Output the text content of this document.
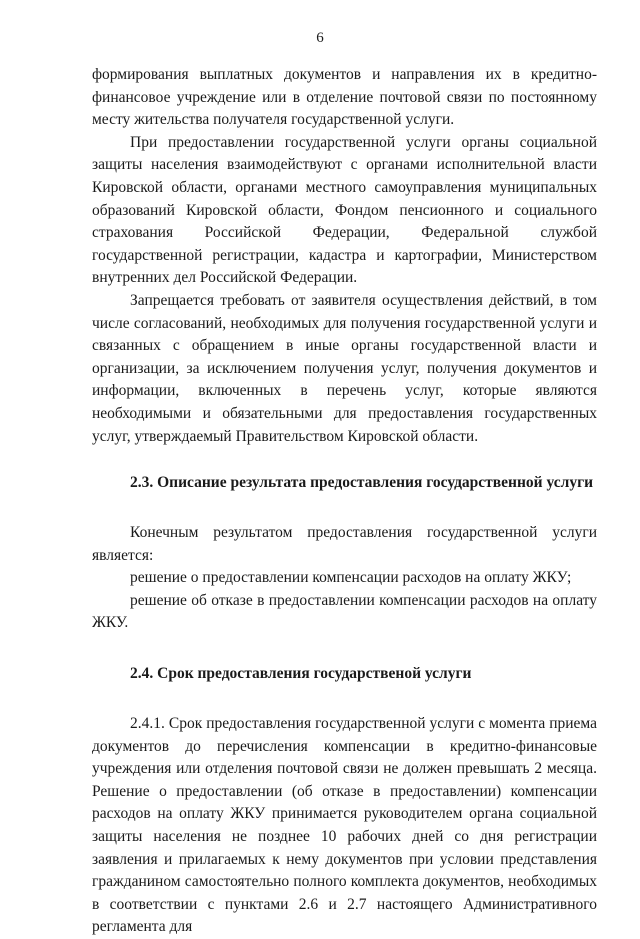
6

формирования выплатных документов и направления их в кредитно-финансовое учреждение или в отделение почтовой связи по постоянному месту жительства получателя государственной услуги.

При предоставлении государственной услуги органы социальной защиты населения взаимодействуют с органами исполнительной власти Кировской области, органами местного самоуправления муниципальных образований Кировской области, Фондом пенсионного и социального страхования Российской Федерации, Федеральной службой государственной регистрации, кадастра и картографии, Министерством внутренних дел Российской Федерации.

Запрещается требовать от заявителя осуществления действий, в том числе согласований, необходимых для получения государственной услуги и связанных с обращением в иные органы государственной власти и организации, за исключением получения услуг, получения документов и информации, включенных в перечень услуг, которые являются необходимыми и обязательными для предоставления государственных услуг, утверждаемый Правительством Кировской области.

2.3. Описание результата предоставления государственной услуги

Конечным результатом предоставления государственной услуги является:

решение о предоставлении компенсации расходов на оплату ЖКУ;

решение об отказе в предоставлении компенсации расходов на оплату ЖКУ.

2.4. Срок предоставления государственой услуги

2.4.1. Срок предоставления государственной услуги с момента приема документов до перечисления компенсации в кредитно-финансовые учреждения или отделения почтовой связи не должен превышать 2 месяца. Решение о предоставлении (об отказе в предоставлении) компенсации расходов на оплату ЖКУ принимается руководителем органа социальной защиты населения не позднее 10 рабочих дней со дня регистрации заявления и прилагаемых к нему документов при условии представления гражданином самостоятельно полного комплекта документов, необходимых в соответствии с пунктами 2.6 и 2.7 настоящего Административного регламента для
